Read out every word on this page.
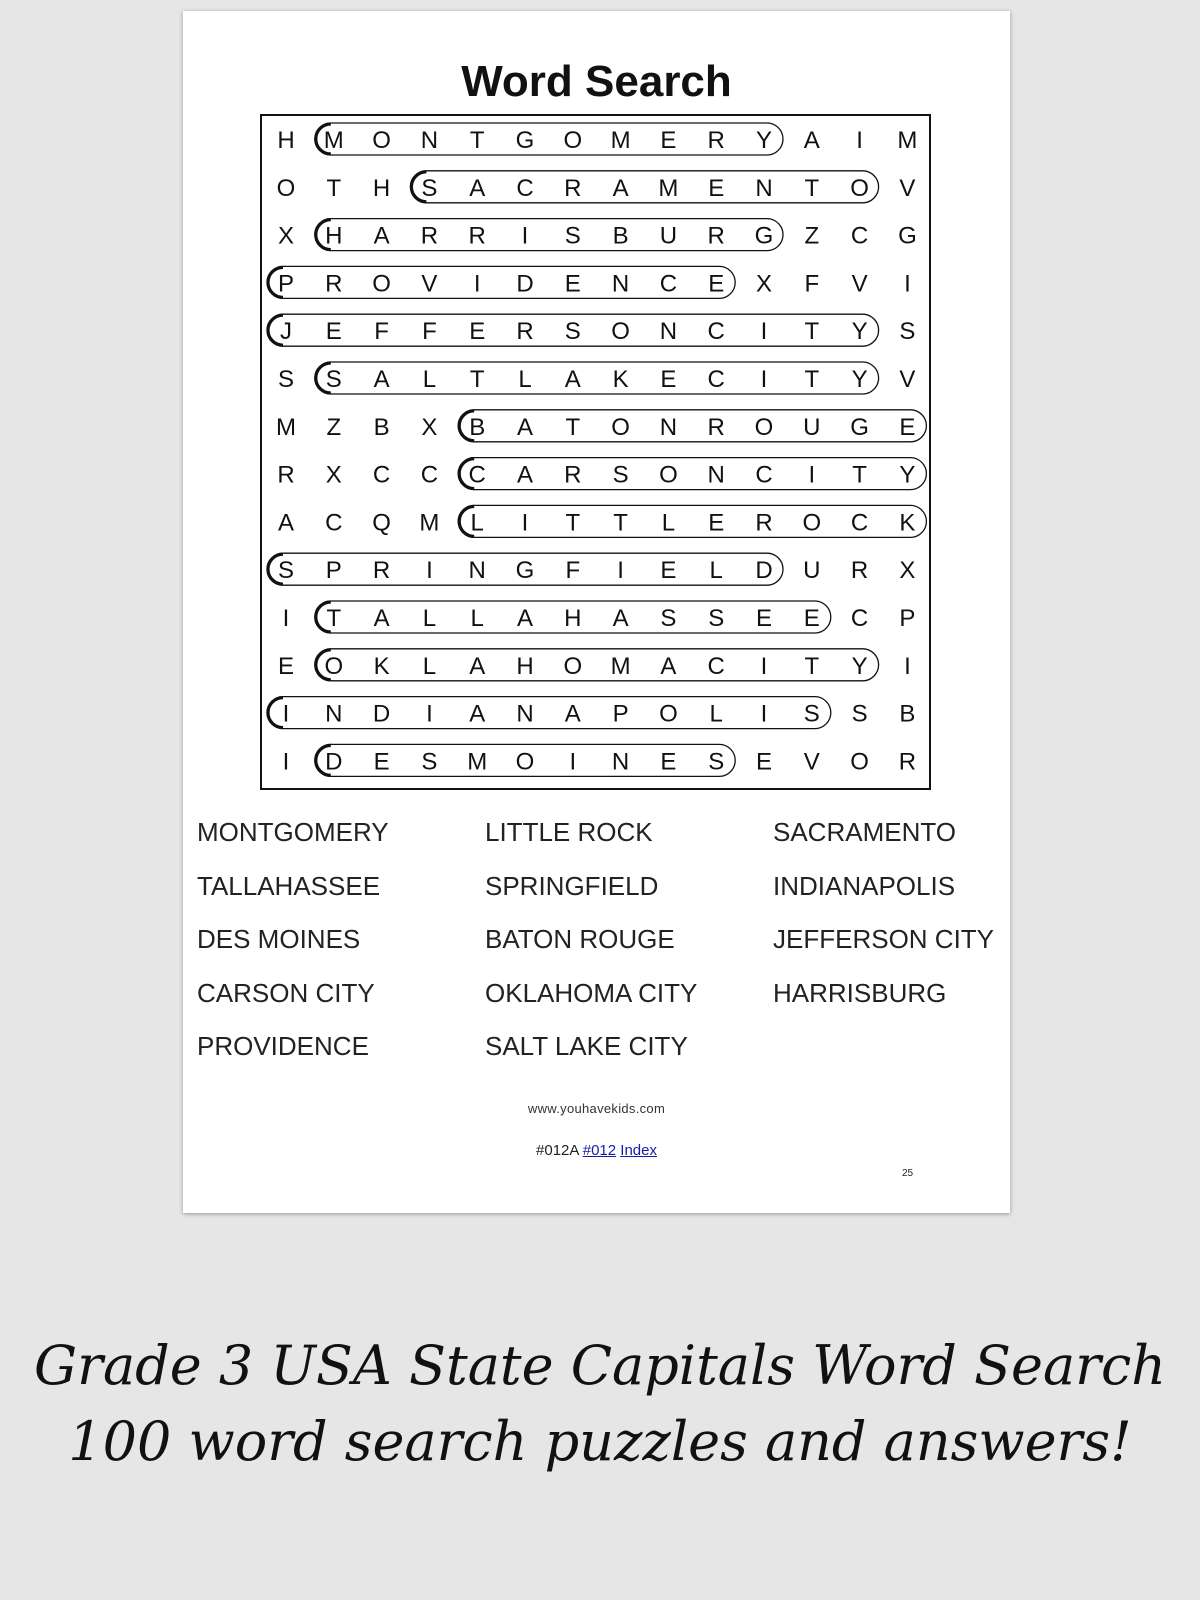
Word Search
H M O N T G O M E R Y A I M
O T H S A C R A M E N T O V
X H A R R I S B U R G Z C G
P R O V I D E N C E X F V I
J E F F E R S O N C I T Y S
S S A L T L A K E C I T Y V
M Z B X B A T O N R O U G E
R X C C C A R S O N C I T Y
A C Q M L I T T L E R O C K
S P R I N G F I E L D U R X
I T A L L A H A S S E E C P
E O K L A H O M A C I T Y I
I N D I A N A P O L I S S B
I D E S M O I N E S E V O R
MONTGOMERY	LITTLE ROCK	SACRAMENTO
TALLAHASSEE	SPRINGFIELD	INDIANAPOLIS
DES MOINES	BATON ROUGE	JEFFERSON CITY
CARSON CITY	OKLAHOMA CITY	HARRISBURG
PROVIDENCE	SALT LAKE CITY
www.youhavekids.com
#012A #012 Index
25
Grade 3 USA State Capitals Word Search
100 word search puzzles and answers!
